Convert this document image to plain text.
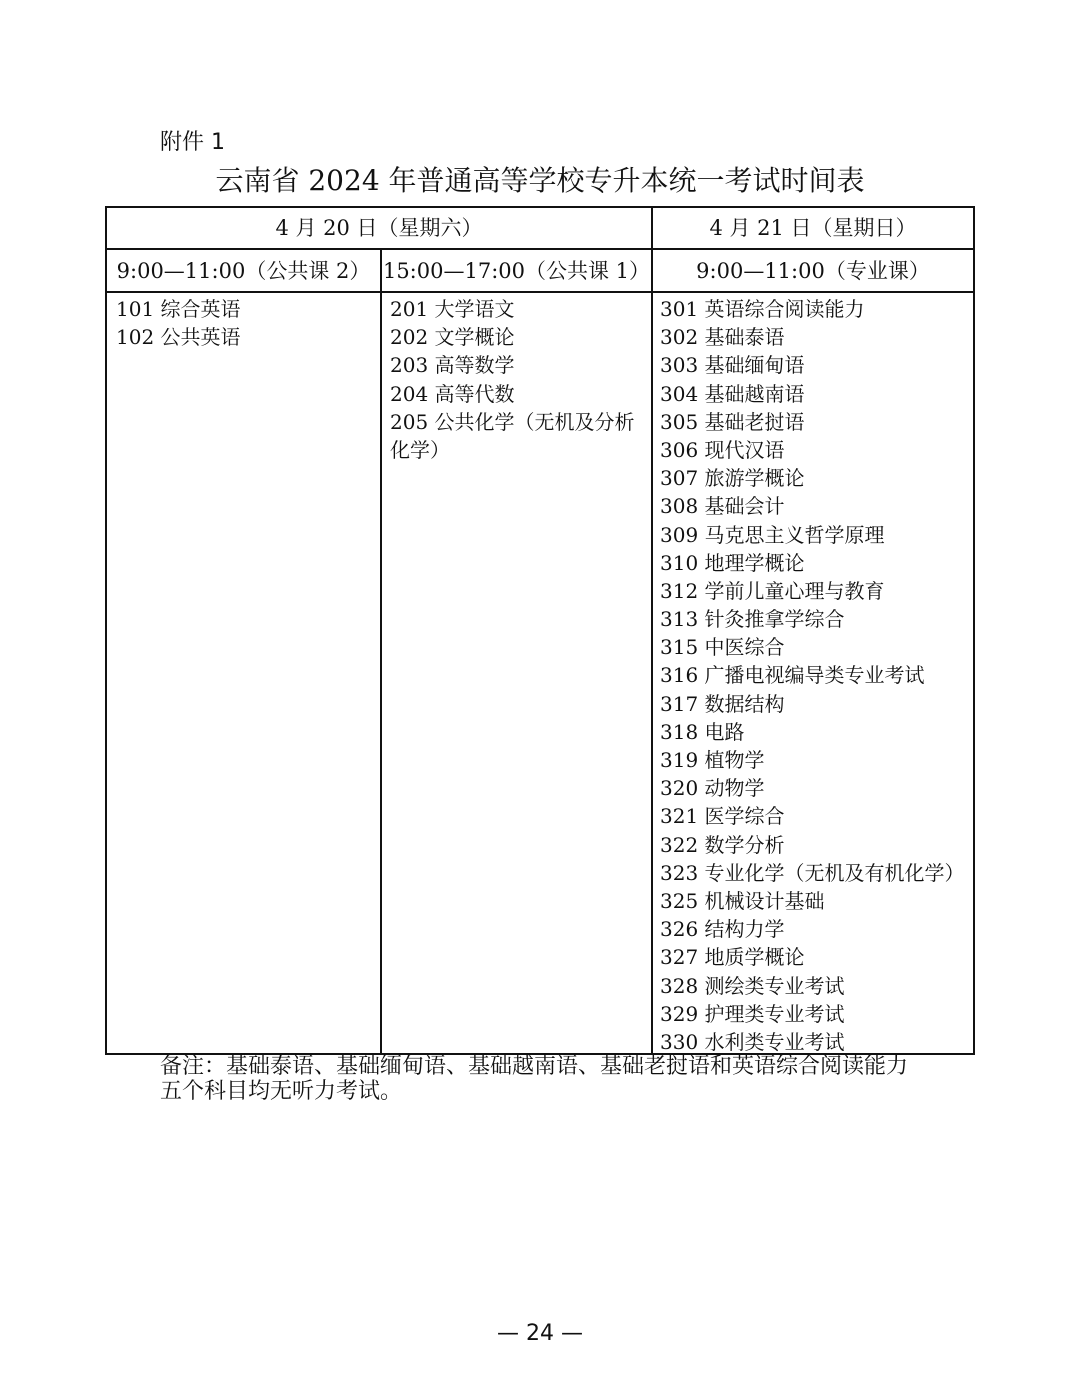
附件 1
云南省 2024 年普通高等学校专升本统一考试时间表
4 月 20 日（星期六）	4 月 21 日（星期日）
9:00—11:00（公共课 2） 15:00—17:00（公共课 1）	9:00—11:00（专业课）
101 综合英语
102 公共英语
201 大学语文
202 文学概论
203 高等数学
204 高等代数
205 公共化学（无机及分析化学）
301 英语综合阅读能力
302 基础泰语
303 基础缅甸语
304 基础越南语
305 基础老挝语
306 现代汉语
307 旅游学概论
308 基础会计
309 马克思主义哲学原理
310 地理学概论
312 学前儿童心理与教育
313 针灸推拿学综合
315 中医综合
316 广播电视编导类专业考试
317 数据结构
318 电路
319 植物学
320 动物学
321 医学综合
322 数学分析
323 专业化学（无机及有机化学）
325 机械设计基础
326 结构力学
327 地质学概论
328 测绘类专业考试
329 护理类专业考试
330 水利类专业考试
备注：基础泰语、基础缅甸语、基础越南语、基础老挝语和英语综合阅读能力五个科目均无听力考试。
— 24 —
